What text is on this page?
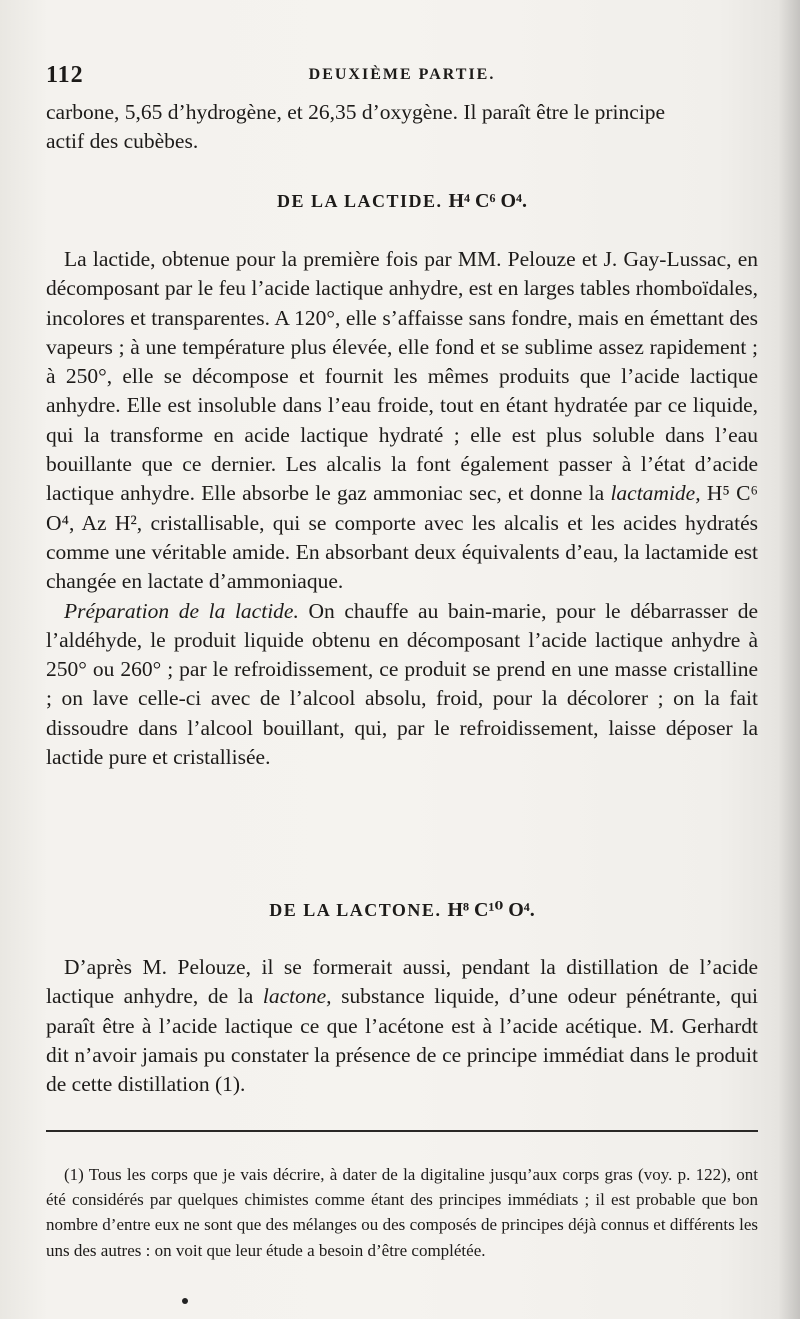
112	DEUXIÈME PARTIE.

carbone, 5,65 d’hydrogène, et 26,35 d’oxygène. Il paraît être le principe

actif des cubèbes.

DE LA LACTIDE. H⁴ C⁶ O⁴.

La lactide, obtenue pour la première fois par MM. Pelouze et J. Gay-Lussac, en décomposant par le feu l’acide lactique anhydre, est en larges tables rhomboïdales, incolores et transparentes. A 120°, elle s’affaisse sans fondre, mais en émettant des vapeurs ; à une température plus élevée, elle fond et se sublime assez rapidement ; à 250°, elle se décompose et fournit les mêmes produits que l’acide lactique anhydre. Elle est insoluble dans l’eau froide, tout en étant hydratée par ce liquide, qui la transforme en acide lactique hydraté ; elle est plus soluble dans l’eau bouillante que ce dernier. Les alcalis la font également passer à l’état d’acide lactique anhydre. Elle absorbe le gaz ammoniac sec, et donne la lactamide, H⁵ C⁶ O⁴, Az H², cristallisable, qui se comporte avec les alcalis et les acides hydratés comme une véritable amide. En absorbant deux équivalents d’eau, la lactamide est changée en lactate d’ammoniaque.

Préparation de la lactide. On chauffe au bain-marie, pour le débarrasser de l’aldéhyde, le produit liquide obtenu en décomposant l’acide lactique anhydre à 250° ou 260° ; par le refroidissement, ce produit se prend en une masse cristalline ; on lave celle-ci avec de l’alcool absolu, froid, pour la décolorer ; on la fait dissoudre dans l’alcool bouillant, qui, par le refroidissement, laisse déposer la lactide pure et cristallisée.

DE LA LACTONE. H⁸ C¹⁰ O⁴.

D’après M. Pelouze, il se formerait aussi, pendant la distillation de l’acide lactique anhydre, de la lactone, substance liquide, d’une odeur pénétrante, qui paraît être à l’acide lactique ce que l’acétone est à l’acide acétique. M. Gerhardt dit n’avoir jamais pu constater la présence de ce principe immédiat dans le produit de cette distillation (1).

(1) Tous les corps que je vais décrire, à dater de la digitaline jusqu’aux corps gras (voy. p. 122), ont été considérés par quelques chimistes comme étant des principes immédiats ; il est probable que bon nombre d’entre eux ne sont que des mélanges ou des composés de principes déjà connus et différents les uns des autres : on voit que leur étude a besoin d’être complétée.
